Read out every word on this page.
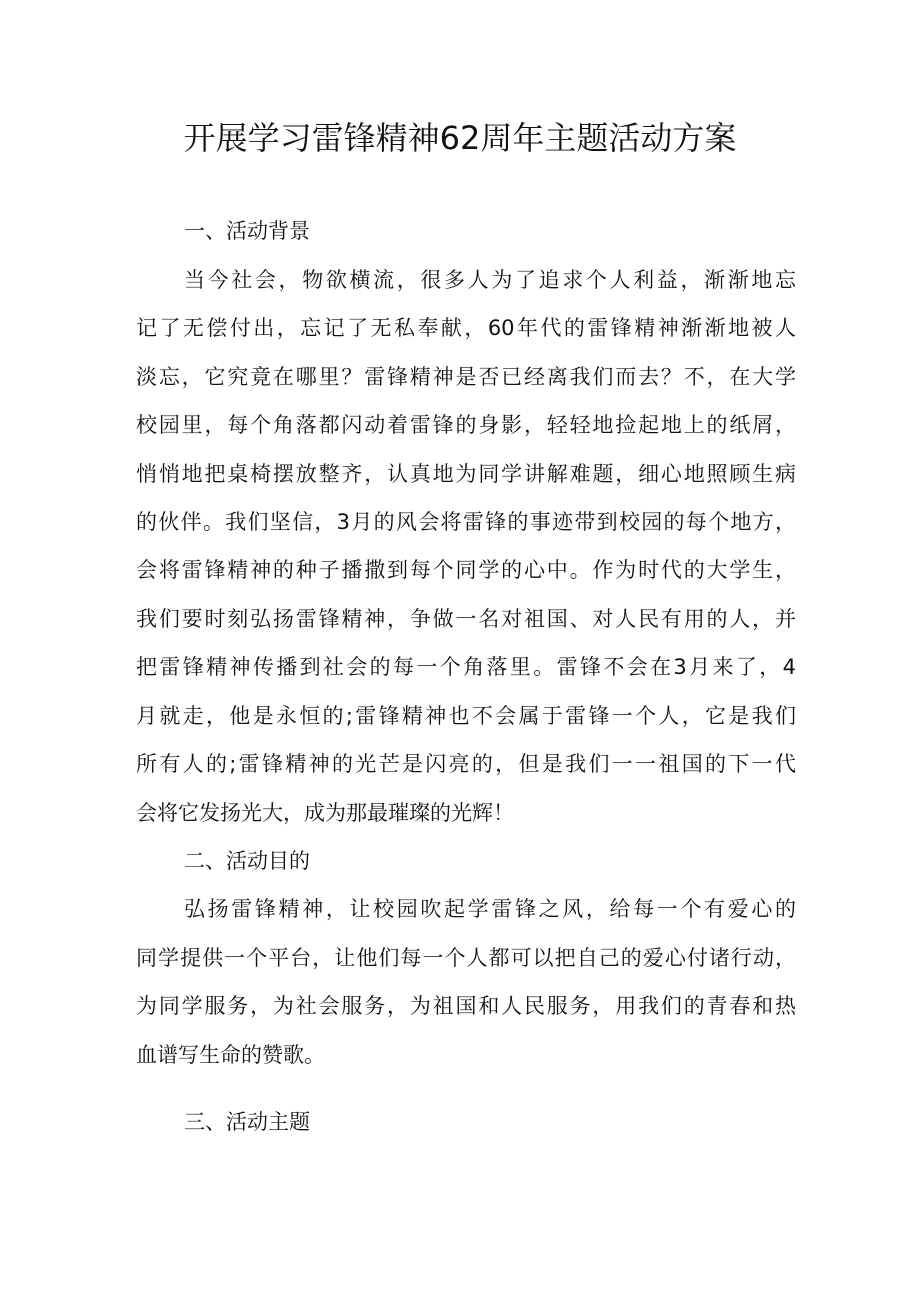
开展学习雷锋精神62周年主题活动方案
一、活动背景
当今社会，物欲横流，很多人为了追求个人利益，渐渐地忘
记了无偿付出，忘记了无私奉献，60年代的雷锋精神渐渐地被人
淡忘，它究竟在哪里？雷锋精神是否已经离我们而去？不，在大学
校园里，每个角落都闪动着雷锋的身影，轻轻地捡起地上的纸屑，
悄悄地把桌椅摆放整齐，认真地为同学讲解难题，细心地照顾生病
的伙伴。我们坚信，3月的风会将雷锋的事迹带到校园的每个地方，
会将雷锋精神的种子播撒到每个同学的心中。作为时代的大学生，
我们要时刻弘扬雷锋精神，争做一名对祖国、对人民有用的人，并
把雷锋精神传播到社会的每一个角落里。雷锋不会在3月来了，4
月就走，他是永恒的;雷锋精神也不会属于雷锋一个人，它是我们
所有人的;雷锋精神的光芒是闪亮的，但是我们一一祖国的下一代
会将它发扬光大，成为那最璀璨的光辉！
二、活动目的
弘扬雷锋精神，让校园吹起学雷锋之风，给每一个有爱心的
同学提供一个平台，让他们每一个人都可以把自己的爱心付诸行动，
为同学服务，为社会服务，为祖国和人民服务，用我们的青春和热
血谱写生命的赞歌。
三、活动主题
